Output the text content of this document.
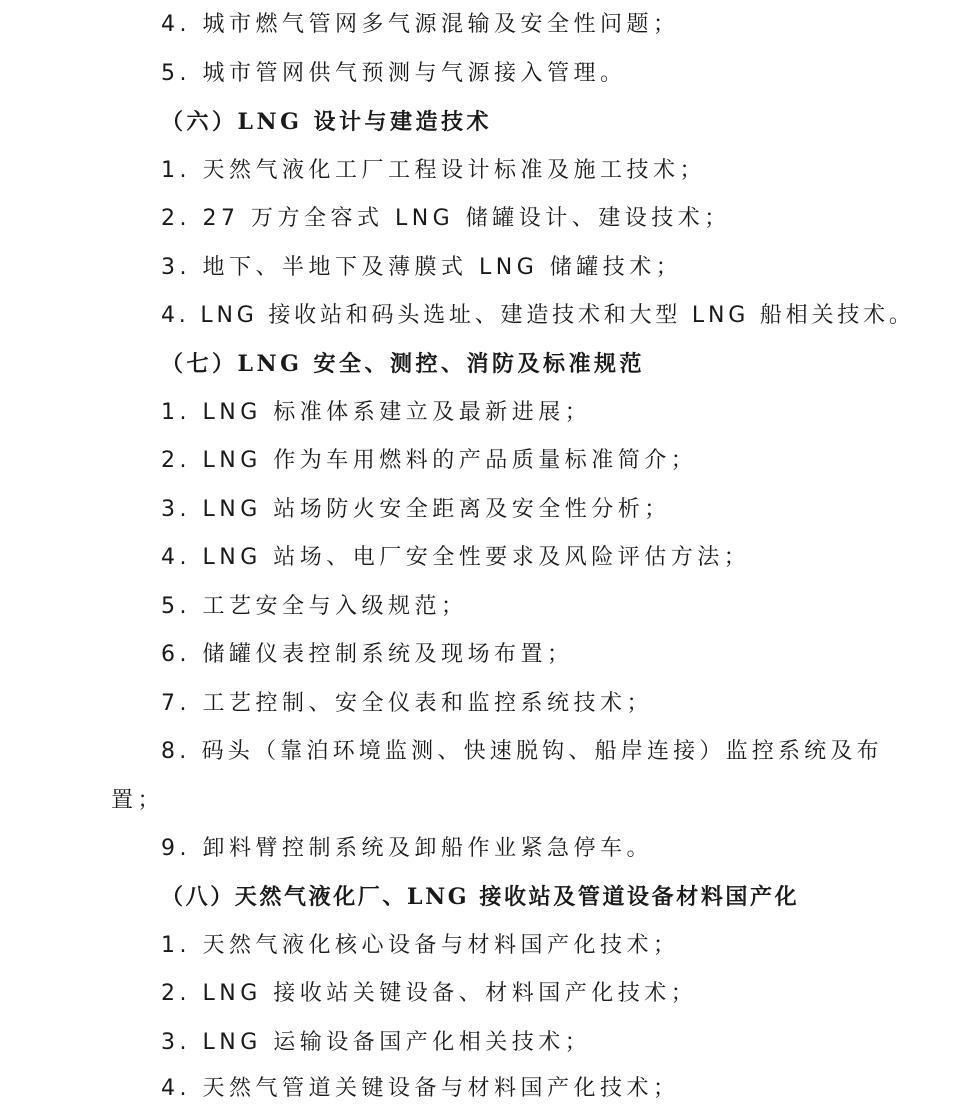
4. 城市燃气管网多气源混输及安全性问题；
5. 城市管网供气预测与气源接入管理。
（六）LNG 设计与建造技术
1. 天然气液化工厂工程设计标准及施工技术；
2. 27 万方全容式 LNG 储罐设计、建设技术；
3. 地下、半地下及薄膜式 LNG 储罐技术；
4. LNG 接收站和码头选址、建造技术和大型 LNG 船相关技术。
（七）LNG 安全、测控、消防及标准规范
1. LNG 标准体系建立及最新进展；
2. LNG 作为车用燃料的产品质量标准简介；
3. LNG 站场防火安全距离及安全性分析；
4. LNG 站场、电厂安全性要求及风险评估方法；
5. 工艺安全与入级规范；
6. 储罐仪表控制系统及现场布置；
7. 工艺控制、安全仪表和监控系统技术；
8. 码头（靠泊环境监测、快速脱钩、船岸连接）监控系统及布
置；
9. 卸料臂控制系统及卸船作业紧急停车。
（八）天然气液化厂、LNG 接收站及管道设备材料国产化
1. 天然气液化核心设备与材料国产化技术；
2. LNG 接收站关键设备、材料国产化技术；
3. LNG 运输设备国产化相关技术；
4. 天然气管道关键设备与材料国产化技术；
